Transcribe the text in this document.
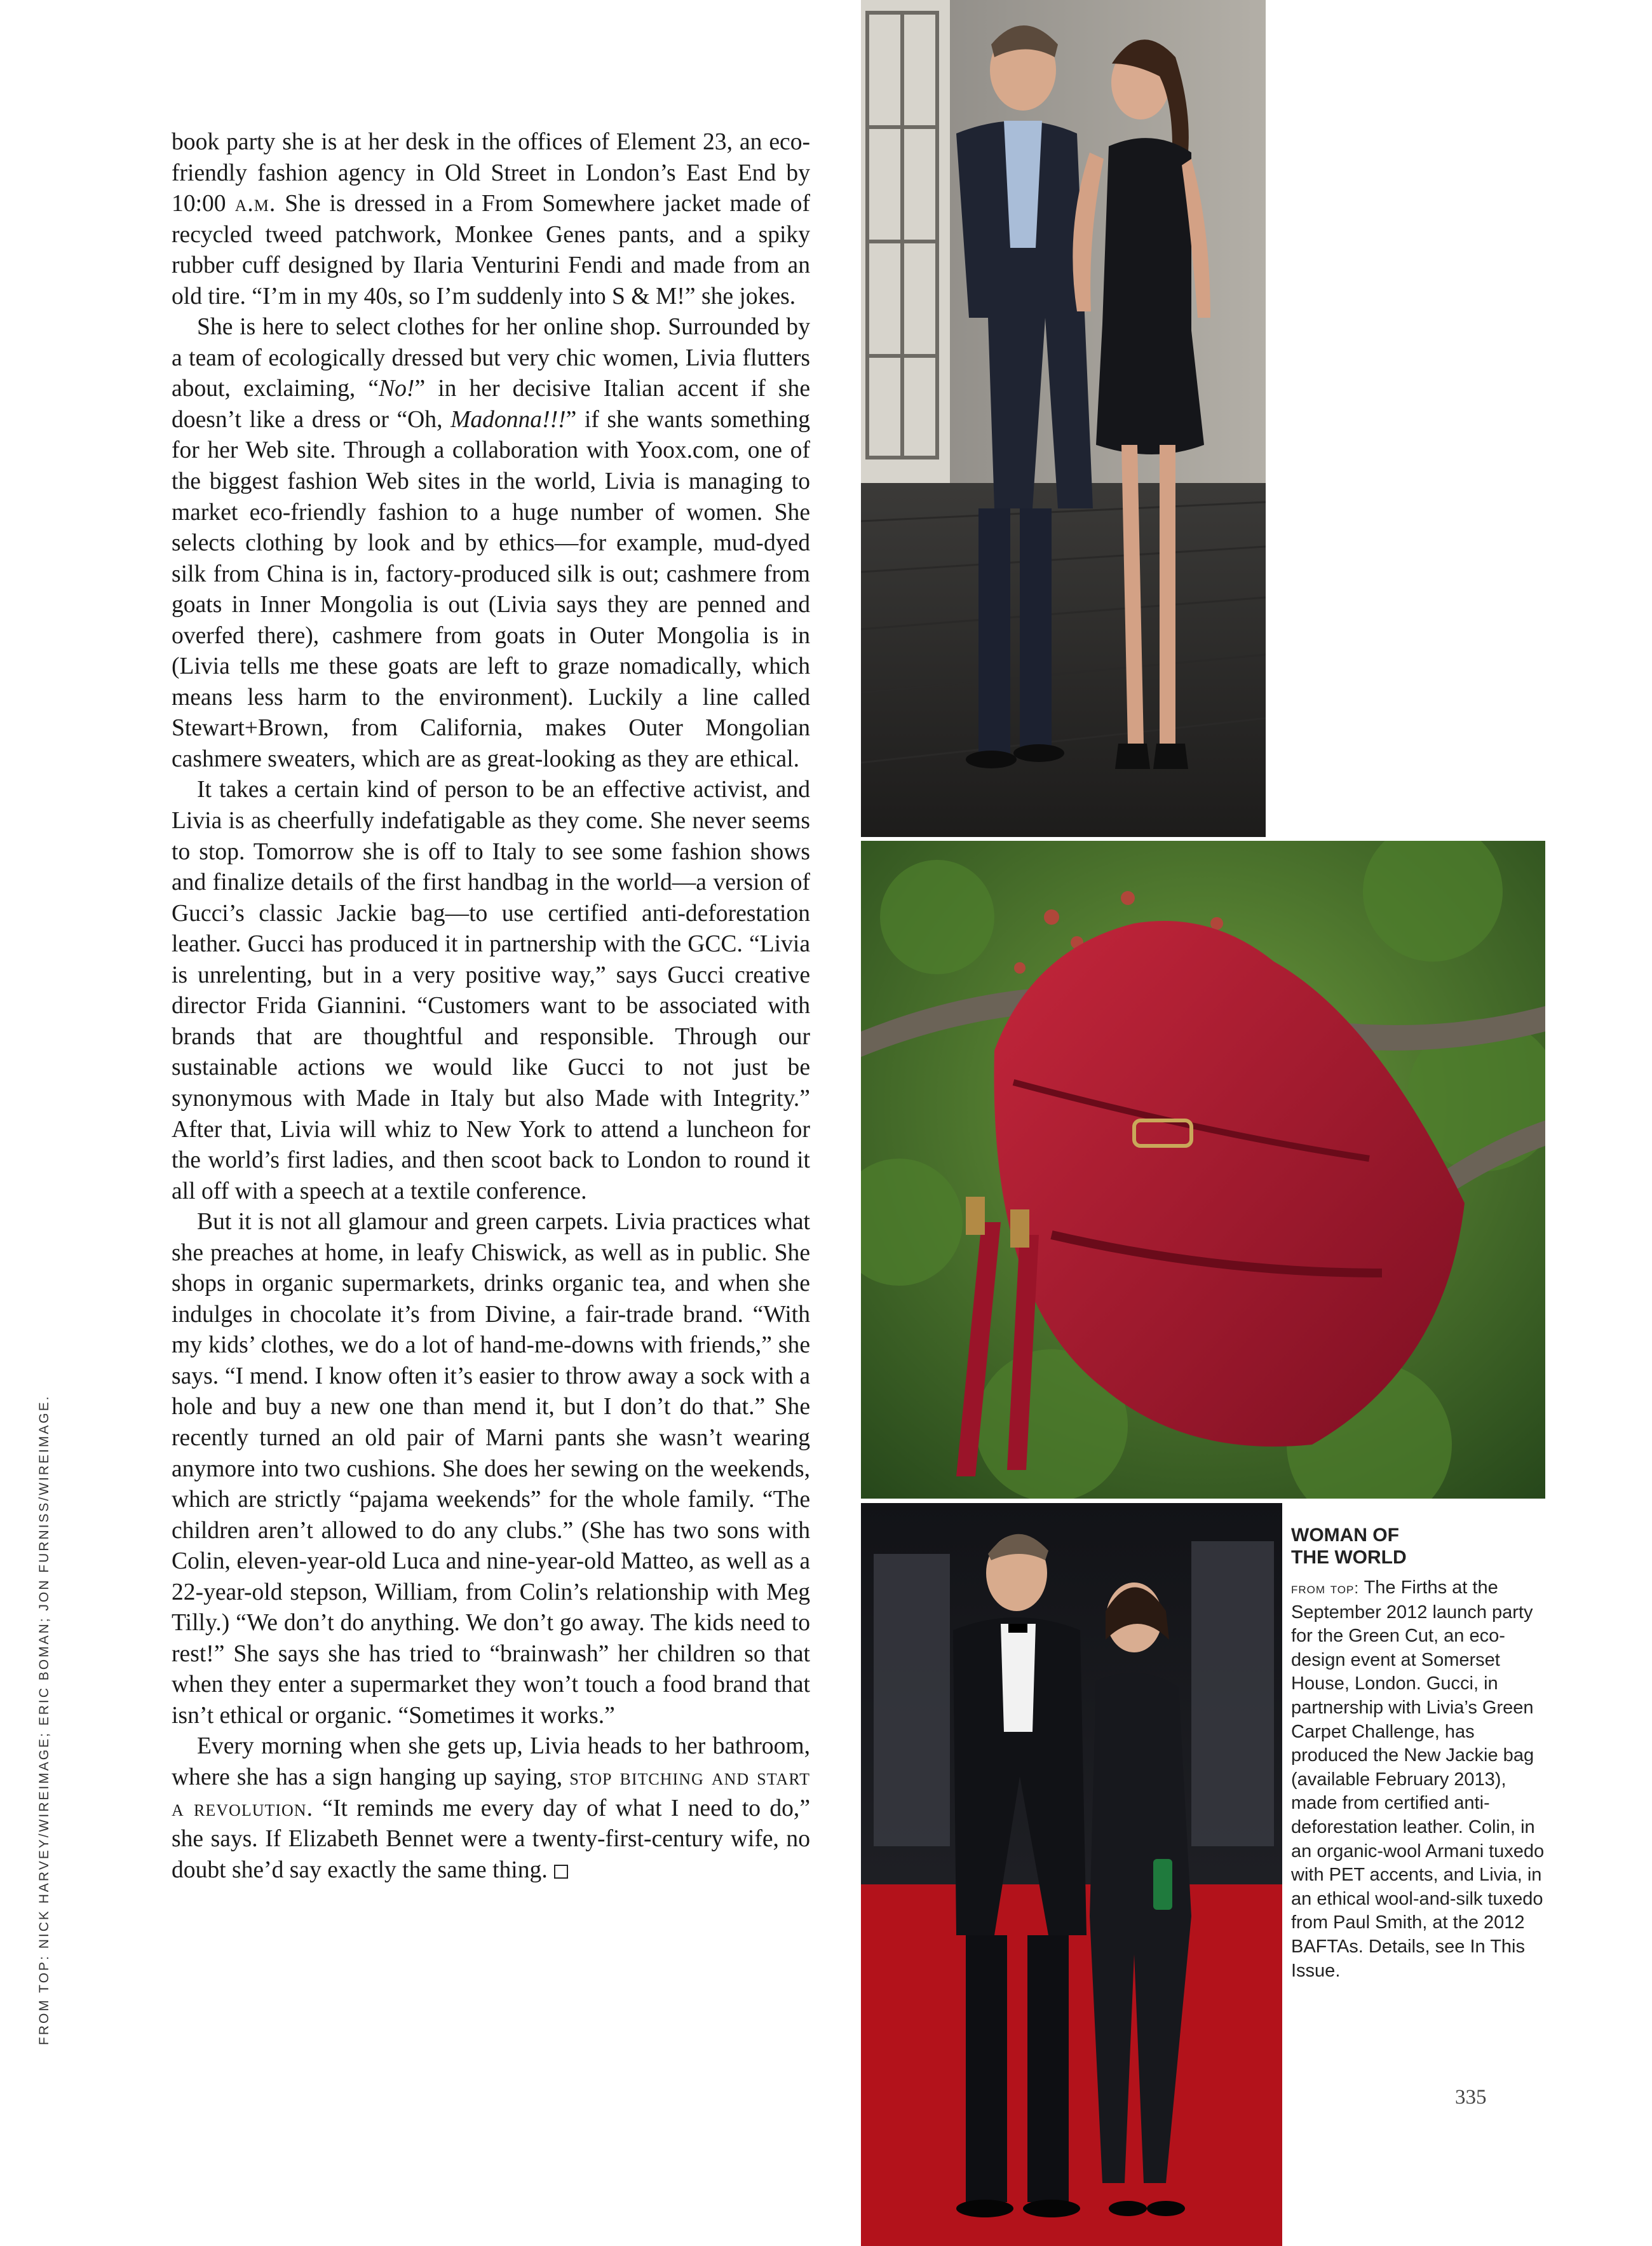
FROM TOP: NICK HARVEY/WIREIMAGE; ERIC BOMAN; JON FURNISS/WIREIMAGE.

book party she is at her desk in the offices of Element 23, an eco-friendly fashion agency in Old Street in London’s East End by 10:00 a.m. She is dressed in a From Somewhere jacket made of recycled tweed patchwork, Monkee Genes pants, and a spiky rubber cuff designed by Ilaria Venturini Fendi and made from an old tire. “I’m in my 40s, so I’m suddenly into S & M!” she jokes.

She is here to select clothes for her online shop. Surrounded by a team of ecologically dressed but very chic women, Livia flutters about, exclaiming, “No!” in her decisive Italian accent if she doesn’t like a dress or “Oh, Madonna!!!” if she wants something for her Web site. Through a collaboration with Yoox.com, one of the biggest fashion Web sites in the world, Livia is managing to market eco-friendly fashion to a huge number of women. She selects clothing by look and by ethics—for example, mud-dyed silk from China is in, factory-produced silk is out; cashmere from goats in Inner Mongolia is out (Livia says they are penned and overfed there), cashmere from goats in Outer Mongolia is in (Livia tells me these goats are left to graze nomadically, which means less harm to the environment). Luckily a line called Stewart+Brown, from California, makes Outer Mongolian cashmere sweaters, which are as great-looking as they are ethical.

It takes a certain kind of person to be an effective activist, and Livia is as cheerfully indefatigable as they come. She never seems to stop. Tomorrow she is off to Italy to see some fashion shows and finalize details of the first handbag in the world—a version of Gucci’s classic Jackie bag—to use certified anti-deforestation leather. Gucci has produced it in partnership with the GCC. “Livia is unrelenting, but in a very positive way,” says Gucci creative director Frida Giannini. “Customers want to be associated with brands that are thoughtful and responsible. Through our sustainable actions we would like Gucci to not just be synonymous with Made in Italy but also Made with Integrity.” After that, Livia will whiz to New York to attend a luncheon for the world’s first ladies, and then scoot back to London to round it all off with a speech at a textile conference.

But it is not all glamour and green carpets. Livia practices what she preaches at home, in leafy Chiswick, as well as in public. She shops in organic supermarkets, drinks organic tea, and when she indulges in chocolate it’s from Divine, a fair-trade brand. “With my kids’ clothes, we do a lot of hand-me-downs with friends,” she says. “I mend. I know often it’s easier to throw away a sock with a hole and buy a new one than mend it, but I don’t do that.” She recently turned an old pair of Marni pants she wasn’t wearing anymore into two cushions. She does her sewing on the weekends, which are strictly “pajama weekends” for the whole family. “The children aren’t allowed to do any clubs.” (She has two sons with Colin, eleven-year-old Luca and nine-year-old Matteo, as well as a 22-year-old stepson, William, from Colin’s relationship with Meg Tilly.) “We don’t do anything. We don’t go away. The kids need to rest!” She says she has tried to “brainwash” her children so that when they enter a supermarket they won’t touch a food brand that isn’t ethical or organic. “Sometimes it works.”

Every morning when she gets up, Livia heads to her bathroom, where she has a sign hanging up saying, stop bitching and start a revolution. “It reminds me every day of what I need to do,” she says. If Elizabeth Bennet were a twenty-first-century wife, no doubt she’d say exactly the same thing.

WOMAN OF
THE WORLD

from top: The Firths at the September 2012 launch party for the Green Cut, an eco-design event at Somerset House, London. Gucci, in partnership with Livia’s Green Carpet Challenge, has produced the New Jackie bag (available February 2013), made from certified anti-deforestation leather. Colin, in an organic-wool Armani tuxedo with PET accents, and Livia, in an ethical wool-and-silk tuxedo from Paul Smith, at the 2012 BAFTAs. Details, see In This Issue.

335
